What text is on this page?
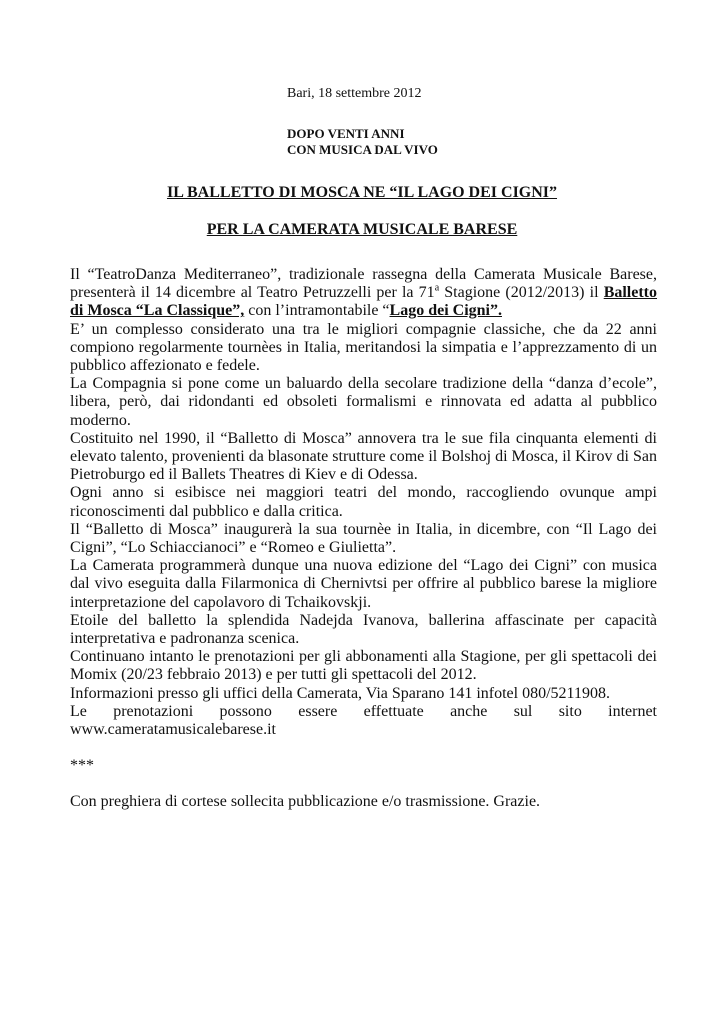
Bari, 18 settembre 2012
DOPO VENTI ANNI
CON MUSICA DAL VIVO
IL BALLETTO DI MOSCA NE “IL LAGO DEI CIGNI”
PER LA CAMERATA MUSICALE BARESE

Il “TeatroDanza Mediterraneo”, tradizionale rassegna della Camerata Musicale Barese, presenterà il 14 dicembre al Teatro Petruzzelli per la 71$^a$ Stagione (2012/2013) il Balletto di Mosca “La Classique”, con l’intramontabile “Lago dei Cigni”.

E’ un complesso considerato una tra le migliori compagnie classiche, che da 22 anni compiono regolarmente tournèes in Italia, meritandosi la simpatia e l’apprezzamento di un pubblico affezionato e fedele.

La Compagnia si pone come un baluardo della secolare tradizione della “danza d’ecole”, libera, però, dai ridondanti ed obsoleti formalismi e rinnovata ed adatta al pubblico moderno.

Costituito nel 1990, il “Balletto di Mosca” annovera tra le sue fila cinquanta elementi di elevato talento, provenienti da blasonate strutture come il Bolshoj di Mosca, il Kirov di San Pietroburgo ed il Ballets Theatres di Kiev e di Odessa.

Ogni anno si esibisce nei maggiori teatri del mondo, raccogliendo ovunque ampi riconoscimenti dal pubblico e dalla critica.

Il “Balletto di Mosca” inaugurerà la sua tournèe in Italia, in dicembre, con “Il Lago dei Cigni”, “Lo Schiaccianoci” e “Romeo e Giulietta”.

La Camerata programmerà dunque una nuova edizione del “Lago dei Cigni” con musica dal vivo eseguita dalla Filarmonica di Chernivtsi per offrire al pubblico barese la migliore interpretazione del capolavoro di Tchaikovskji.

Etoile del balletto la splendida Nadejda Ivanova, ballerina affascinate per capacità interpretativa e padronanza scenica.

Continuano intanto le prenotazioni per gli abbonamenti alla Stagione, per gli spettacoli dei Momix (20/23 febbraio 2013) e per tutti gli spettacoli del 2012.

Informazioni presso gli uffici della Camerata, Via Sparano 141 infotel 080/5211908.

Le prenotazioni possono essere effettuate anche sul sito internet www.cameratamusicalebarese.it

***

Con preghiera di cortese sollecita pubblicazione e/o trasmissione. Grazie.
